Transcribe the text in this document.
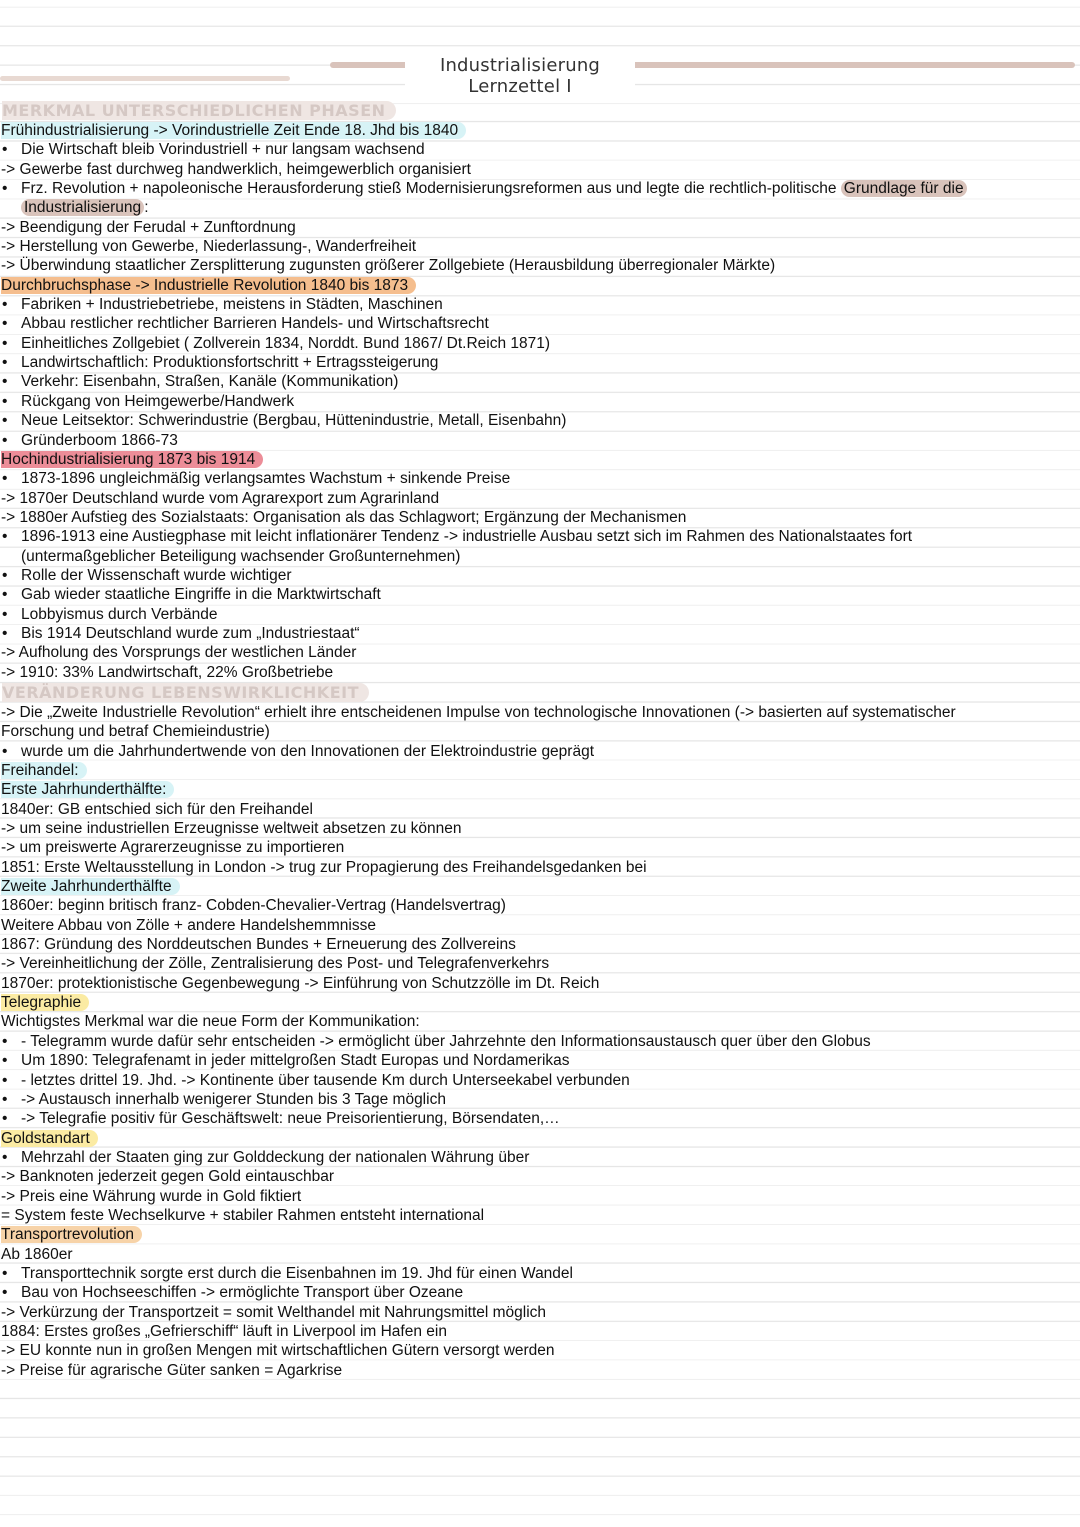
Industrialisierung Lernzettel I
MERKMAL UNTERSCHIEDLICHEN PHASEN
Frühindustrialisierung -> Vorindustrielle Zeit Ende 18. Jhd bis 1840
• Die Wirtschaft bleib Vorindustriell + nur langsam wachsend
-> Gewerbe fast durchweg handwerklich, heimgewerblich organisiert
• Frz. Revolution + napoleonische Herausforderung stieß Modernisierungsreformen aus und legte die rechtlich-politische Grundlage für die
Industrialisierung :
-> Beendigung der Ferudal + Zunftordnung
-> Herstellung von Gewerbe, Niederlassung-, Wanderfreiheit
-> Überwindung staatlicher Zersplitterung zugunsten größerer Zollgebiete (Herausbildung überregionaler Märkte)
Durchbruchsphase -> Industrielle Revolution 1840 bis 1873
• Fabriken + Industriebetriebe, meistens in Städten, Maschinen
• Abbau restlicher rechtlicher Barrieren Handels- und Wirtschaftsrecht
• Einheitliches Zollgebiet ( Zollverein 1834, Norddt. Bund 1867/ Dt.Reich 1871)
• Landwirtschaftlich: Produktionsfortschritt + Ertragssteigerung
• Verkehr: Eisenbahn, Straßen, Kanäle (Kommunikation)
• Rückgang von Heimgewerbe/Handwerk
• Neue Leitsektor: Schwerindustrie (Bergbau, Hüttenindustrie, Metall, Eisenbahn)
• Gründerboom 1866-73
Hochindustrialisierung 1873 bis 1914
• 1873-1896 ungleichmäßig verlangsamtes Wachstum + sinkende Preise
-> 1870er Deutschland wurde vom Agrarexport zum Agrarinland
-> 1880er Aufstieg des Sozialstaats: Organisation als das Schlagwort; Ergänzung der Mechanismen
• 1896-1913 eine Austiegphase mit leicht inflationärer Tendenz -> industrielle Ausbau setzt sich im Rahmen des Nationalstaates fort
(untermaßgeblicher Beteiligung wachsender Großunternehmen)
• Rolle der Wissenschaft wurde wichtiger
• Gab wieder staatliche Eingriffe in die Marktwirtschaft
• Lobbyismus durch Verbände
• Bis 1914 Deutschland wurde zum „Industriestaat“
-> Aufholung des Vorsprungs der westlichen Länder
-> 1910: 33% Landwirtschaft, 22% Großbetriebe
VERÄNDERUNG LEBENSWIRKLICHKEIT
-> Die „Zweite Industrielle Revolution“ erhielt ihre entscheidenen Impulse von technologische Innovationen (-> basierten auf systematischer
Forschung und betraf Chemieindustrie)
• wurde um die Jahrhundertwende von den Innovationen der Elektroindustrie geprägt
Freihandel:
Erste Jahrhunderthälfte:
1840er: GB entschied sich für den Freihandel
-> um seine industriellen Erzeugnisse weltweit absetzen zu können
-> um preiswerte Agrarerzeugnisse zu importieren
1851: Erste Weltausstellung in London -> trug zur Propagierung des Freihandelsgedanken bei
Zweite Jahrhunderthälfte
1860er: beginn britisch franz- Cobden-Chevalier-Vertrag (Handelsvertrag)
Weitere Abbau von Zölle + andere Handelshemmnisse
1867: Gründung des Norddeutschen Bundes + Erneuerung des Zollvereins
-> Vereinheitlichung der Zölle, Zentralisierung des Post- und Telegrafenverkehrs
1870er: protektionistische Gegenbewegung -> Einführung von Schutzzölle im Dt. Reich
Telegraphie
Wichtigstes Merkmal war die neue Form der Kommunikation:
• - Telegramm wurde dafür sehr entscheiden -> ermöglicht über Jahrzehnte den Informationsaustausch quer über den Globus
• Um 1890: Telegrafenamt in jeder mittelgroßen Stadt Europas und Nordamerikas
• - letztes drittel 19. Jhd. -> Kontinente über tausende Km durch Unterseekabel verbunden
• -> Austausch innerhalb wenigerer Stunden bis 3 Tage möglich
• -> Telegrafie positiv für Geschäftswelt: neue Preisorientierung, Börsendaten,…
Goldstandart
• Mehrzahl der Staaten ging zur Golddeckung der nationalen Währung über
-> Banknoten jederzeit gegen Gold eintauschbar
-> Preis eine Währung wurde in Gold fiktiert
= System feste Wechselkurve + stabiler Rahmen entsteht international
Transportrevolution
Ab 1860er
• Transporttechnik sorgte erst durch die Eisenbahnen im 19. Jhd für einen Wandel
• Bau von Hochseeschiffen -> ermöglichte Transport über Ozeane
-> Verkürzung der Transportzeit = somit Welthandel mit Nahrungsmittel möglich
1884: Erstes großes „Gefrierschiff“ läuft in Liverpool im Hafen ein
-> EU konnte nun in großen Mengen mit wirtschaftlichen Gütern versorgt werden
-> Preise für agrarische Güter sanken = Agarkrise
